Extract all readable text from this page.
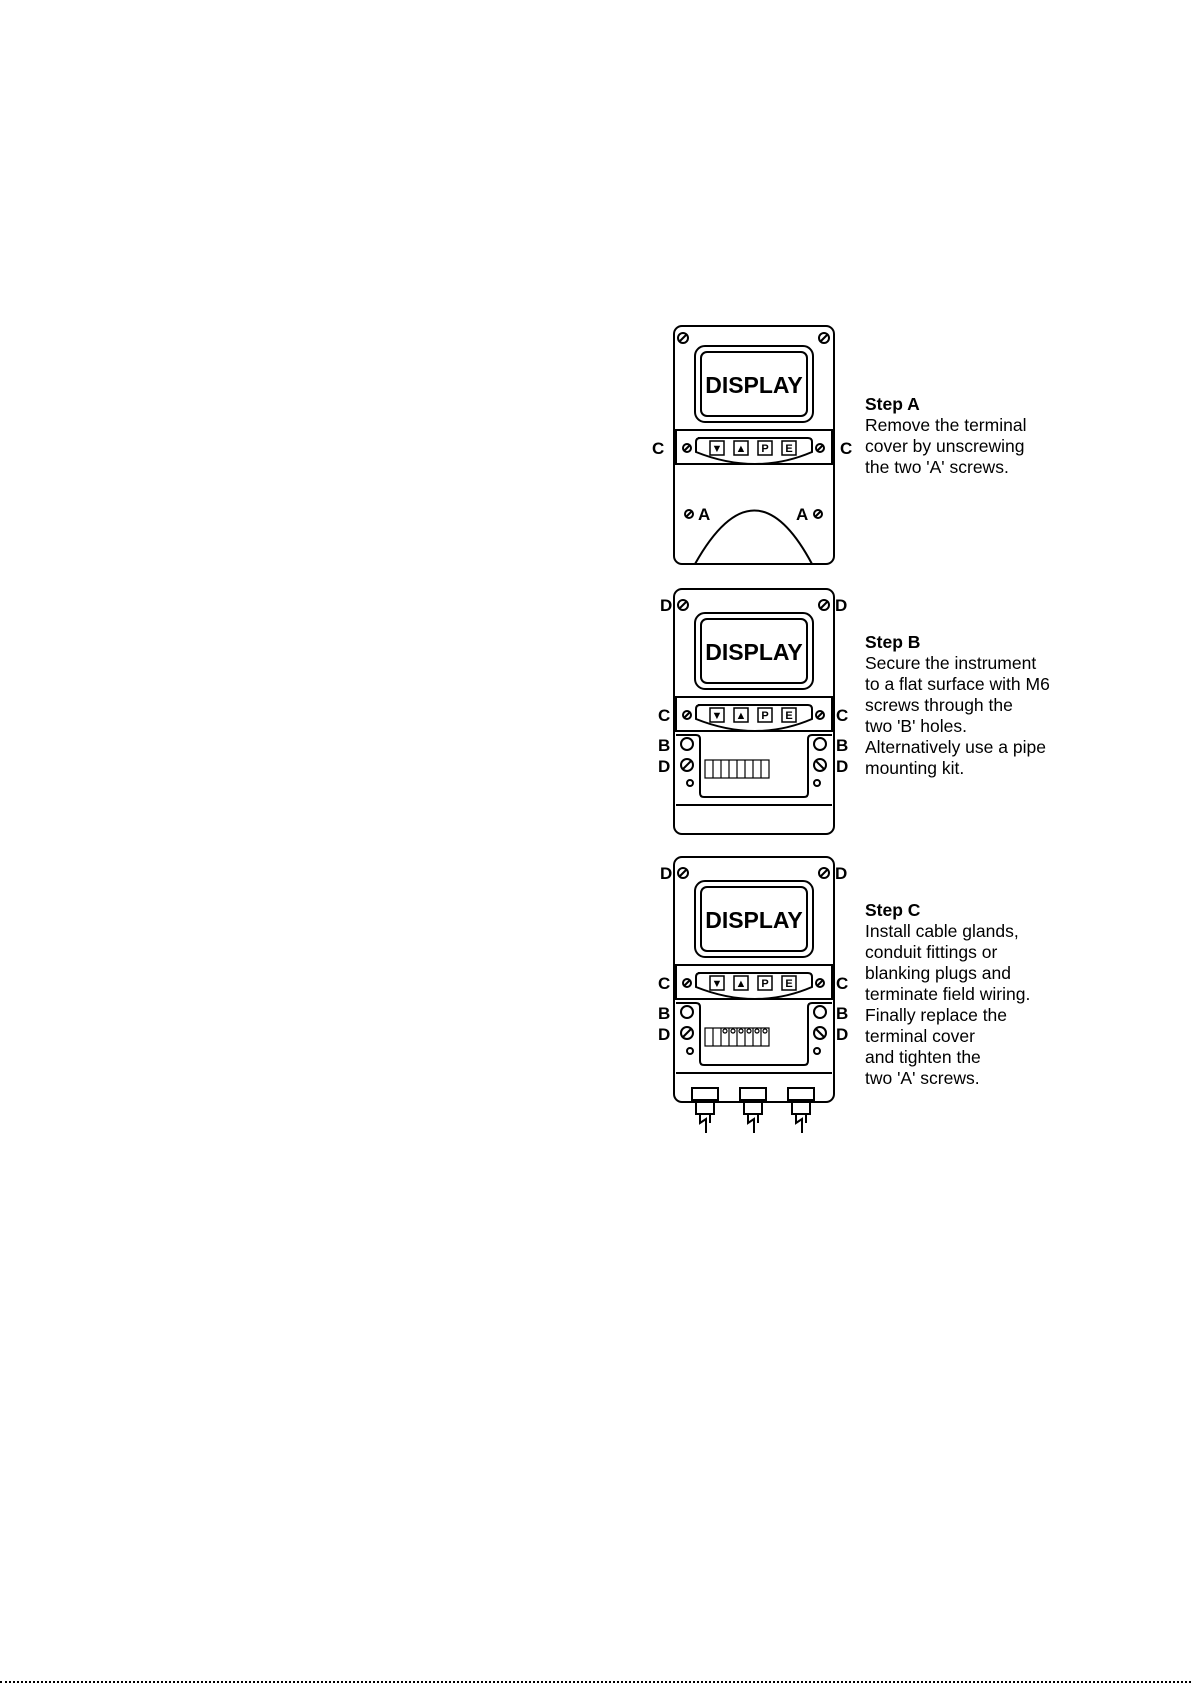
DISPLAY
▼ ▲ P E
C	C
A	A
Step A
Remove the terminal
cover by unscrewing
the two 'A' screws.
DISPLAY
▼ ▲ P E
D	D
C	C
B	B
D	D
Step B
Secure the instrument
to a flat surface with M6
screws through the
two 'B' holes.
Alternatively use a pipe
mounting kit.
DISPLAY
▼ ▲ P E
D	D
C	C
B	B
D	D
Step C
Install cable glands,
conduit fittings or
blanking plugs and
terminate field wiring.
Finally replace the
terminal cover
and tighten the
two 'A' screws.
